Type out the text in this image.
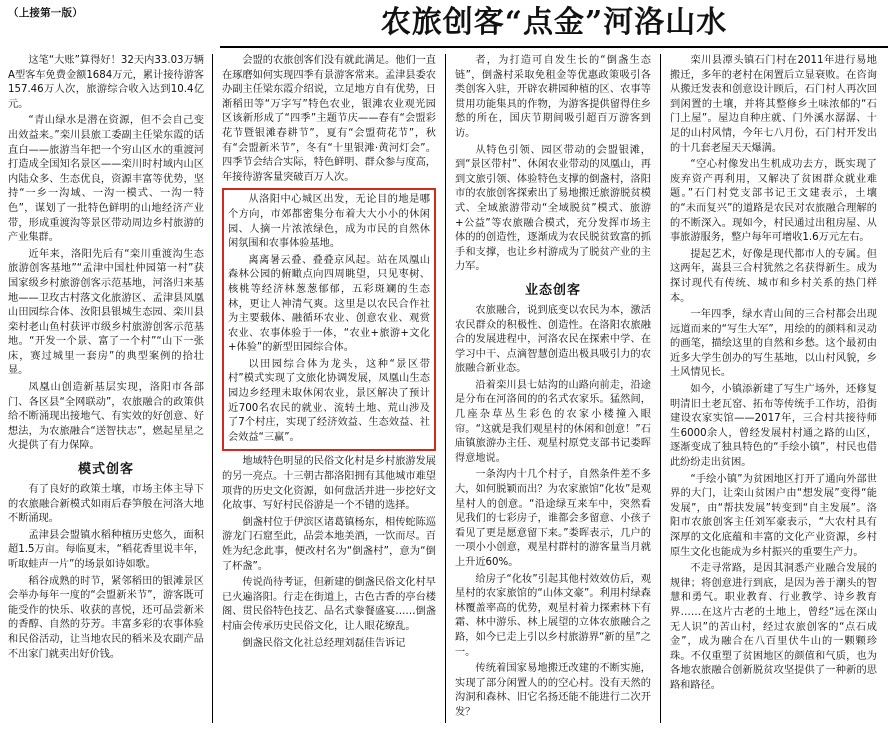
（上接第一版）	农旅创客“点金”河洛山水

这笔“大账”算得好！32天内33.03万辆A型客车免费金额1684万元，累计接待游客157.46万人次，旅游综合收入达到10.4亿元。

“青山绿水是潜在资源，但不会自己变出效益来。”栾川县旅工委副主任梁东霞的话直白——旅游当年把一个穷山区水的重渡河打造成全国知名景区——栾川时村域内山区内陆众多、生态优良，资源丰富等优势，坚持“一乡一沟域、一沟一模式、一沟一特色”，谋划了一批特色鲜明的山地经济产业带，形成重渡沟等景区带动周边乡村旅游的产业集群。

近年来，洛阳先后有“栾川重渡沟生态旅游创客基地”“孟津中国杜仲园第一村”获国家级乡村旅游创客示范基地，河洛归来基地——卫玫古村落文化旅游区、孟津县凤凰山田园综合体、汝阳县银城生态园、栾川县栾村老山鱼村获评市级乡村旅游创客示范基地。“开发一个景、富了一个村”“山下一张床，赛过城里一套房”的典型案例的拾壮显。

凤凰山创造新基层实现，洛阳市各部门、各区县“全网联动”，农旅融合的政策供给不断涌现出接地气、有实效的好创意、好想法，为农旅融合“送智扶志”，燃起星星之火提供了有力保障。

模式创客

有了良好的政策土壤，市场主体主导下的农旅融合新模式如雨后春笋般在河洛大地不断涌现。

孟津县会盟镇水稻种植历史悠久，面积超1.5万亩。每临夏末，“稻花香里说丰年，听取蛙声一片”的场景如诗如歌。

稻谷成熟的时节，紧邻稻田的银滩景区会举办每年一度的“会盟新米节”，游客既可能受作的快乐、收获的喜悦，还可品尝新米的香醇、自然的芬芳。丰富多彩的农事体验和民俗活动，让当地农民的稻米及农副产品不出家门就卖出好价钱。

会盟的农旅创客们没有就此满足。他们一直在琢磨如何实现四季有景游客常来。孟津县委农办副主任梁东霞介绍说，立足地方自有优势，日渐稻田等“万字写”特色农业，银滩农业观光园区该新形成了“四季”主题节庆——春有“会盟彩花节暨银滩春耕节”，夏有“会盟荷花节”，秋有“会盟新米节”，冬有“十里银滩·黄河灯会”。四季节会结合实际，特色鲜明、群众参与度高，年接待游客量突破百万人次。

从洛阳中心城区出发，无论目的地是哪个方向，市郊都密集分布着大大小小的休闲园、人摘一片浓浓绿色，成为市民的自然休闲氛围和农事体验基地。

离离暑云叠、叠叠京风起。站在凤凰山森林公园的俯瞰点向四周眺望，只见枣树、核桃等经济林葱葱郁郁，五彩斑斓的生态林，更让人神清气爽。这里是以农民合作社为主要载体、融循环农业、创意农业、观赏农业、农事体验于一体，“农业+旅游+文化+体验”的新型田园综合体。

以田园综合体为龙头，这种“景区带村”模式实现了文旅化协调发展，凤凰山生态园边乡经理未取休闲农业，景区解决了预计近700名农民的就业、流转土地、荒山涉及了7个村庄，实现了经济效益、生态效益、社会效益“三赢”。

地域特色明显的民俗文化村是乡村旅游发展的另一亮点。十三朝古都洛阳拥有其他城市难望项背的历史文化资源，如何盘活并进一步挖好文化故事、写好村民俗游是一个不错的选择。

倒盏村位于伊滨区诸葛镇杨东，相传蛇陈巡游龙门石窟至此，品尝本地美酒，一饮而尽。百姓为纪念此事，便改村名为“倒盏村”，意为“倒了杯盏”。

传说尚待考证，但新建的倒盏民俗文化村早已火遍洛阳。行走在街道上，古色古香的亭台楼阁、贯民俗特色技艺、品名式豢餐盛宴……倒盏村庙会传承历史民俗文化，让人眼花缭乱。

倒盏民俗文化社总经理刘磊佳告诉记

者，为打造可自发生长的“倒盏生态链”，倒盏村采取免租金等优惠政策吸引各类创客入驻，开辟农耕园种植的区、农事等贯用功能集具的作物，为游客提供留得住乡愁的所在，国庆节期间吸引超百万游客到访。

从特色引领、园区带动的会盟银滩，到“景区带村”、休闲农业带动的凤凰山，再到文旅引领、体验特色支撑的倒盏村，洛阳市的农旅创客探索出了易地搬迁旅游脱贫模式、全域旅游带动“全域脱贫”模式、旅游+公益”等农旅融合模式，充分发挥市场主体的的创造性，逐渐成为农民脱贫致富的抓手和支撑，也让乡村游成为了脱贫产业的主力军。

业态创客

农旅融合，说到底变以农民为本，激活农民群众的积极性、创造性。在洛阳农旅融合的发展进程中，河洛农民在探索中学、在学习中干、点滴智慧创造出极具吸引力的农旅融合新业态。

沿着栾川县七姑沟的山路向前走，沿途是分布在河洛间的的名式农家乐。猛然间，几座杂草丛生彩色的农家小楼撞入眼帘。“这就是我们观星村的休闲和创意！”石庙镇旅游办主任、观星村原党支部书记娄晖得意地说。

一条沟内十几个村子，自然条件差不多大，如何脱颖而出？为农家旅馆“化妆”是观星村人的创意。“沿途绿互来车中，突然看见我们的七彩房子，谁都会多留意、小孩子看见了更是愿意留下来。”娄晖表示，几户的一项小小创意，观星村群村的游客量当月就上升近60%。

给房子“化妆”引起其他村效效仿后，观星村的农家旅馆的“山体文豪”。利用村绿森林覆盖率高的优势，观星村着力探索林下有霜、林中游乐、林上展望的立体农旅融合之路，如今已走上引以乡村旅游界“新的星”之一。

传统着国家易地搬迁改建的不断实施，实现了部分闲置人的的空心村。没有天然的沟洞和森林、旧它名扬还能不能进行二次开发？

栾川县潭头镇石门村在2011年进行易地搬迁，多年的老村在闲置后立显衰败。在咨询从搬迁发表和创意设计顾后，石门村人再次回到闲置的土壤，并将其整修乡土味浓郁的“石门上屋”。屋边自种庄就、门外溪水潺潺、十足的山村风情，今年七八月份，石门村开发出的十几套老屋天天爆满。

“空心村像发出生机成功去方，既实现了废弃资产再利用，又解决了贫困群众就业难题。”石门村党支部书记王文建表示，土壤的“未而复兴”的道路是农民对农旅融合理解的的不断深入。现如今，村民通过出租房屋、从事旅游服务，整户每年可增收1.6万元左右。

提起艺术，好像是现代都市人的专属。但这两年，嵩县三合村犹然之名获得新生。成为探讨现代有传统、城市和乡村关系的热门样本。

一年四季，绿水青山间的三合村都会出现远道而来的“写生大军”，用绘的的颜料和灵动的画笔，描绘这里的自然和乡愁。这个最初由近多大学生创办的写生基地，以山村风貌，乡土风情见长。

如今，小镇添新建了写生广场外，还修复明清旧土老瓦窑、拓布等传统手工作坊，沿街建设农家实馆——2017年，三合村共接待师生6000余人，曾经发展村村通之路的山区，逐渐变成了独具特色的“手绘小镇”，村民也借此纷纷走出贫困。

“手绘小镇”为贫困地区打开了通向外部世界的大门，让栾山贫困户由“想发展”变得“能发展”，由“帮扶发展”转变到“自主发展”。洛阳市农旅创客主任刘军豪表示，“大农村具有深厚的文化底蕴和丰富的文化产业资源，乡村原生文化也能成为乡村振兴的重要生产力。

不走寻常路，是因其洞悉产业融合发展的规律；将创意进行到底，是因为善于潮头的智慧和勇气。职业教育、行业教学、诗乡教育界……在这片古老的土地上，曾经“远在深山无人识”的苦山村，经过农旅创客的“点石成金”，成为融合在八百里伏牛山的一颗颗珍珠。不仅重塑了贫困地区的颜值和气质，也为各地农旅融合创新脱贫攻坚提供了一种新的思路和路径。
